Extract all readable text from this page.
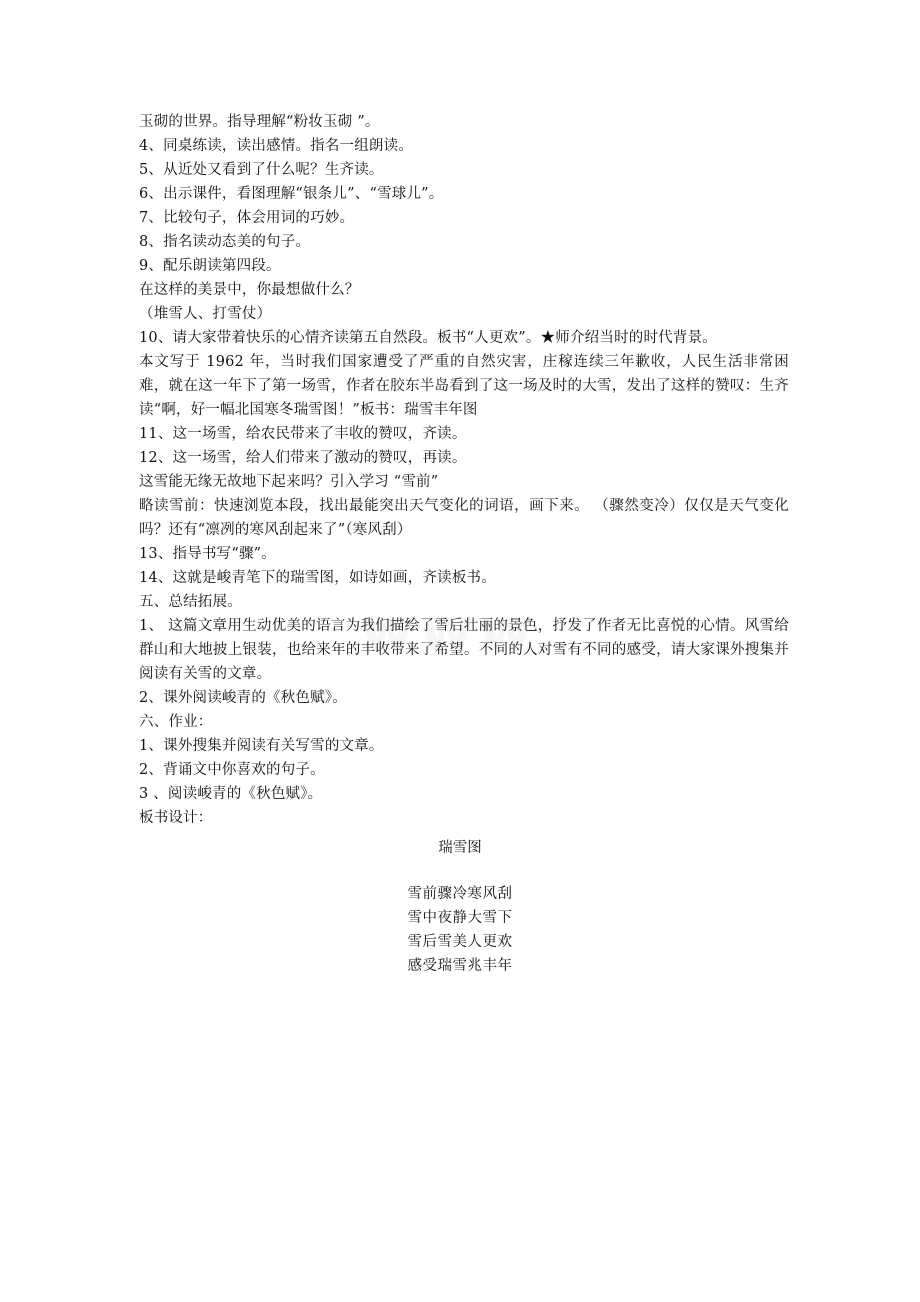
www
玉砌的世界。指导理解“粉妆玉砌 ”。
4、同桌练读，读出感情。指名一组朗读。
5、从近处又看到了什么呢？生齐读。
6、出示课件，看图理解“银条儿”、“雪球儿”。
7、比较句子，体会用词的巧妙。
8、指名读动态美的句子。
9、配乐朗读第四段。
在这样的美景中，你最想做什么？
（堆雪人、打雪仗）
10、请大家带着快乐的心情齐读第五自然段。板书“人更欢”。★师介绍当时的时代背景。
本文写于 1962 年，当时我们国家遭受了严重的自然灾害，庄稼连续三年歉收，人民生活非常困难，就在这一年下了第一场雪，作者在胶东半岛看到了这一场及时的大雪，发出了这样的赞叹：生齐读“啊，好一幅北国寒冬瑞雪图！”板书：瑞雪丰年图
11、这一场雪，给农民带来了丰收的赞叹，齐读。
12、这一场雪，给人们带来了激动的赞叹，再读。
这雪能无缘无故地下起来吗？引入学习 “雪前”
略读雪前：快速浏览本段，找出最能突出天气变化的词语，画下来。 （骤然变冷）仅仅是天气变化吗？还有“凛冽的寒风刮起来了”（寒风刮）
13、指导书写“骤”。
14、这就是峻青笔下的瑞雪图，如诗如画，齐读板书。
五、总结拓展。
1、 这篇文章用生动优美的语言为我们描绘了雪后壮丽的景色，抒发了作者无比喜悦的心情。风雪给群山和大地披上银装，也给来年的丰收带来了希望。不同的人对雪有不同的感受，请大家课外搜集并阅读有关雪的文章。
2、课外阅读峻青的《秋色赋》。
六、作业：
1、课外搜集并阅读有关写雪的文章。
2、背诵文中你喜欢的句子。
3 、阅读峻青的《秋色赋》。
板书设计：
瑞雪图
雪前骤冷寒风刮
雪中夜静大雪下
雪后雪美人更欢
感受瑞雪兆丰年
